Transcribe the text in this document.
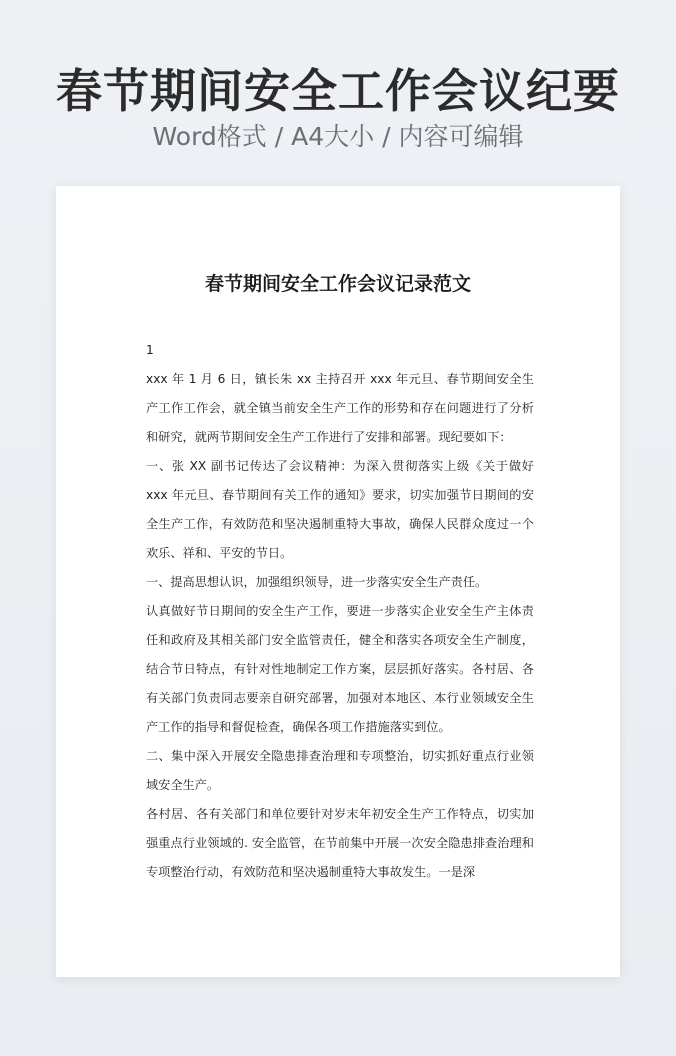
春节期间安全工作会议纪要
Word格式 / A4大小 / 内容可编辑
春节期间安全工作会议记录范文

1

xxx 年 1 月 6 日，镇长朱 xx 主持召开 xxx 年元旦、春节期间安全生产工作工作会，就全镇当前安全生产工作的形势和存在问题进行了分析和研究，就两节期间安全生产工作进行了安排和部署。现纪要如下：

一、张 XX 副书记传达了会议精神：为深入贯彻落实上级《关于做好 xxx 年元旦、春节期间有关工作的通知》要求，切实加强节日期间的安全生产工作，有效防范和坚决遏制重特大事故，确保人民群众度过一个欢乐、祥和、平安的节日。

一、提高思想认识，加强组织领导，进一步落实安全生产责任。

认真做好节日期间的安全生产工作，要进一步落实企业安全生产主体责任和政府及其相关部门安全监管责任，健全和落实各项安全生产制度，结合节日特点，有针对性地制定工作方案，层层抓好落实。各村居、各有关部门负责同志要亲自研究部署，加强对本地区、本行业领域安全生产工作的指导和督促检查，确保各项工作措施落实到位。

二、集中深入开展安全隐患排查治理和专项整治，切实抓好重点行业领域安全生产。

各村居、各有关部门和单位要针对岁末年初安全生产工作特点，切实加强重点行业领域的. 安全监管，在节前集中开展一次安全隐患排查治理和专项整治行动，有效防范和坚决遏制重特大事故发生。一是深
